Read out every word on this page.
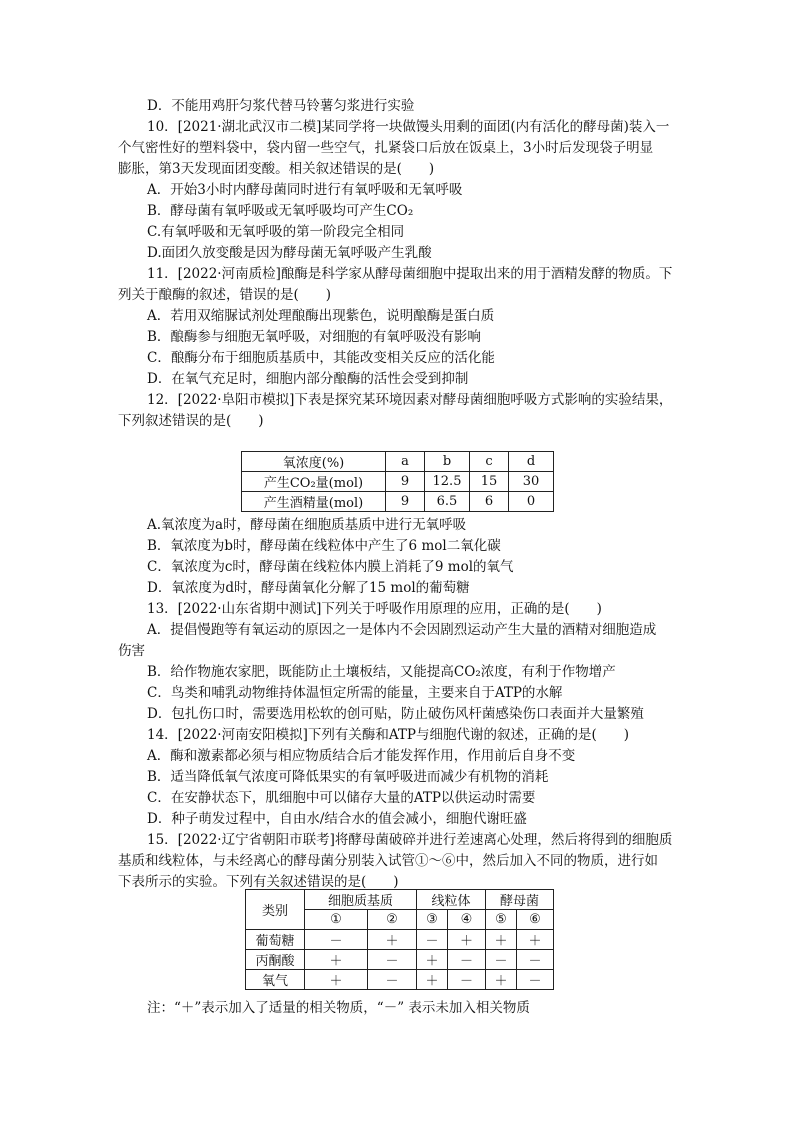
D．不能用鸡肝匀浆代替马铃薯匀浆进行实验
10．[2021·湖北武汉市二模]某同学将一块做馒头用剩的面团(内有活化的酵母菌)装入一
个气密性好的塑料袋中，袋内留一些空气，扎紧袋口后放在饭桌上，3小时后发现袋子明显
膨胀，第3天发现面团变酸。相关叙述错误的是(　　)
A．开始3小时内酵母菌同时进行有氧呼吸和无氧呼吸
B．酵母菌有氧呼吸或无氧呼吸均可产生CO₂
C.有氧呼吸和无氧呼吸的第一阶段完全相同
D.面团久放变酸是因为酵母菌无氧呼吸产生乳酸
11．[2022·河南质检]酿酶是科学家从酵母菌细胞中提取出来的用于酒精发酵的物质。下
列关于酿酶的叙述，错误的是(　　)
A．若用双缩脲试剂处理酿酶出现紫色，说明酿酶是蛋白质
B．酿酶参与细胞无氧呼吸，对细胞的有氧呼吸没有影响
C．酿酶分布于细胞质基质中，其能改变相关反应的活化能
D．在氧气充足时，细胞内部分酿酶的活性会受到抑制
12．[2022·阜阳市模拟]下表是探究某环境因素对酵母菌细胞呼吸方式影响的实验结果，
下列叙述错误的是(　　)
氧浓度(%)	a	b	c	d
产生CO₂量(mol)	9	12.5	15	30
产生酒精量(mol)	9	6.5	6	0
A.氧浓度为a时，酵母菌在细胞质基质中进行无氧呼吸
B．氧浓度为b时，酵母菌在线粒体中产生了6 mol二氧化碳
C．氧浓度为c时，酵母菌在线粒体内膜上消耗了9 mol的氧气
D．氧浓度为d时，酵母菌氧化分解了15 mol的葡萄糖
13．[2022·山东省期中测试]下列关于呼吸作用原理的应用，正确的是(　　)
A．提倡慢跑等有氧运动的原因之一是体内不会因剧烈运动产生大量的酒精对细胞造成
伤害
B．给作物施农家肥，既能防止土壤板结，又能提高CO₂浓度，有利于作物增产
C．鸟类和哺乳动物维持体温恒定所需的能量，主要来自于ATP的水解
D．包扎伤口时，需要选用松软的创可贴，防止破伤风杆菌感染伤口表面并大量繁殖
14．[2022·河南安阳模拟]下列有关酶和ATP与细胞代谢的叙述，正确的是(　　)
A．酶和激素都必须与相应物质结合后才能发挥作用，作用前后自身不变
B．适当降低氧气浓度可降低果实的有氧呼吸进而减少有机物的消耗
C．在安静状态下，肌细胞中可以储存大量的ATP以供运动时需要
D．种子萌发过程中，自由水/结合水的值会减小，细胞代谢旺盛
15．[2022·辽宁省朝阳市联考]将酵母菌破碎并进行差速离心处理，然后将得到的细胞质
基质和线粒体，与未经离心的酵母菌分别装入试管①～⑥中，然后加入不同的物质，进行如
下表所示的实验。下列有关叙述错误的是(　　)
类别	细胞质基质		线粒体		酵母菌	
	①	②	③	④	⑤	⑥
葡萄糖	－	＋	－	＋	＋	＋
丙酮酸	＋	－	＋	－	－	－
氧气	＋	－	＋	－	＋	－
注：“＋”表示加入了适量的相关物质，“－” 表示未加入相关物质
